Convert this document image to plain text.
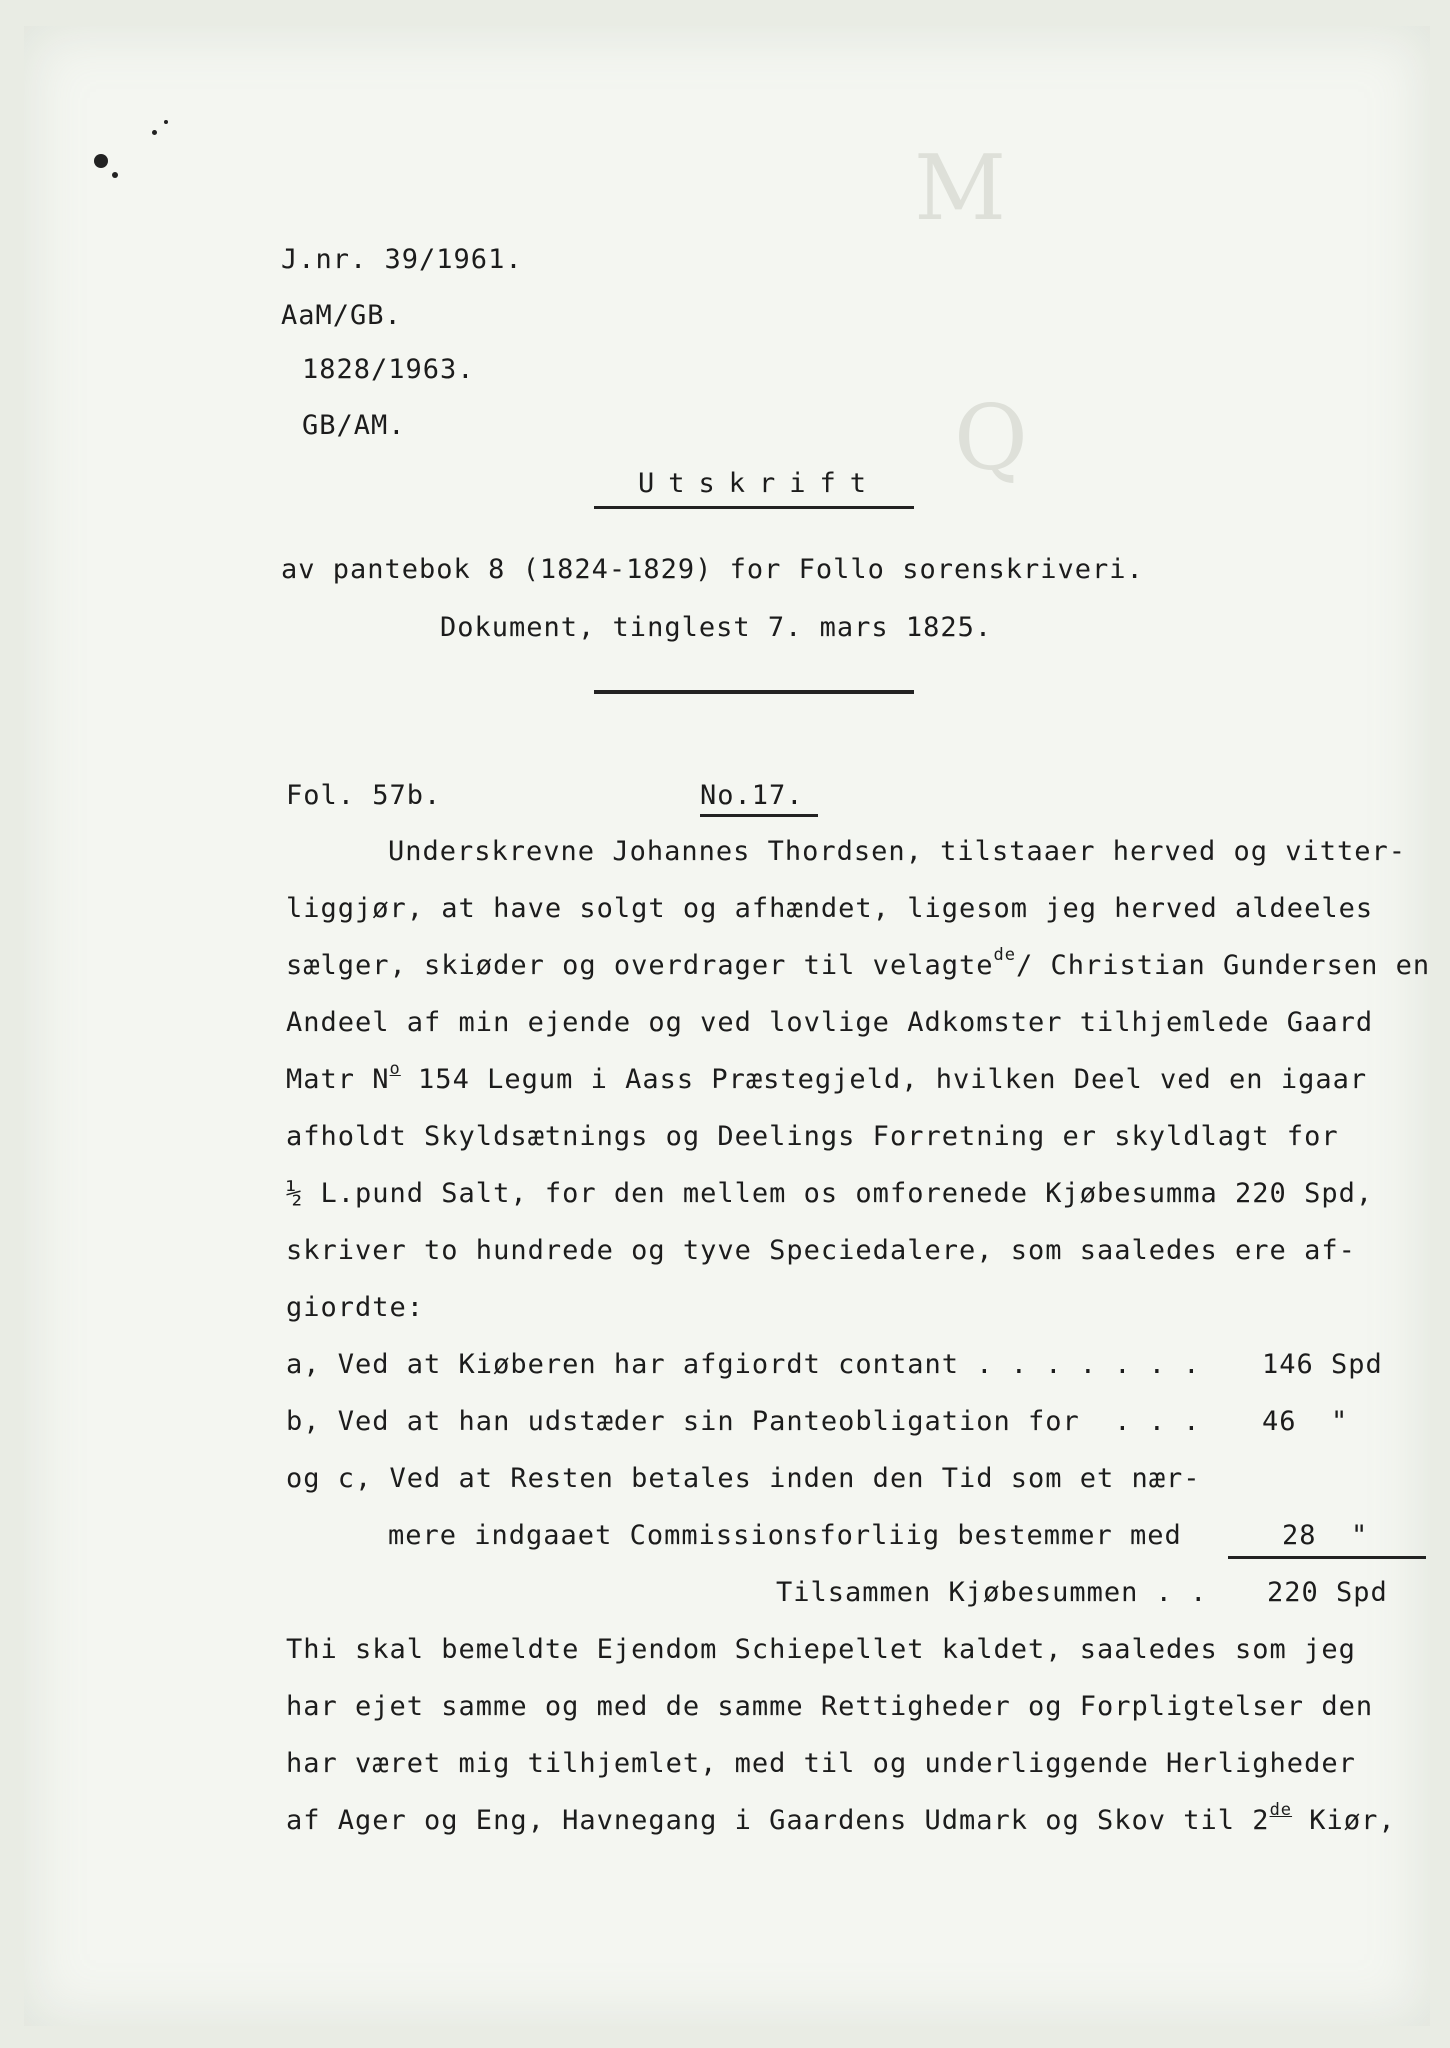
M
Q
J.nr. 39/1961.
AaM/GB.
1828/1963.
GB/AM.
Utskrift
av pantebok 8 (1824-1829) for Follo sorenskriveri.
Dokument, tinglest 7. mars 1825.
Fol. 57b.	No.17.
Underskrevne Johannes Thordsen, tilstaaer herved og vitter-
liggjør, at have solgt og afhændet, ligesom jeg herved aldeeles
sælger, skiøder og overdrager til velagte$^{de}$/ Christian Gundersen en
Andeel af min ejende og ved lovlige Adkomster tilhjemlede Gaard
Matr $N^o$ 154 Legum i Aass Præstegjeld, hvilken Deel ved en igaar
afholdt Skyldsætnings og Deelings Forretning er skyldlagt for
½ L.pund Salt, for den mellem os omforenede Kjøbesumma 220 Spd,
skriver to hundrede og tyve Speciedalere, som saaledes ere af-
giordte:
a, Ved at Kiøberen har afgiordt contant . . . . . . . 146 Spd
b, Ved at han udstæder sin Panteobligation for  . . . 46  "
og c, Ved at Resten betales inden den Tid som et nær-
mere indgaaet Commissionsforliig bestemmer med	28  "
Tilsammen Kjøbesummen . . 220 Spd
Thi skal bemeldte Ejendom Schiepellet kaldet, saaledes som jeg
har ejet samme og med de samme Rettigheder og Forpligtelser den
har været mig tilhjemlet, med til og underliggende Herligheder
af Ager og Eng, Havnegang i Gaardens Udmark og Skov til 2de Kiør,
